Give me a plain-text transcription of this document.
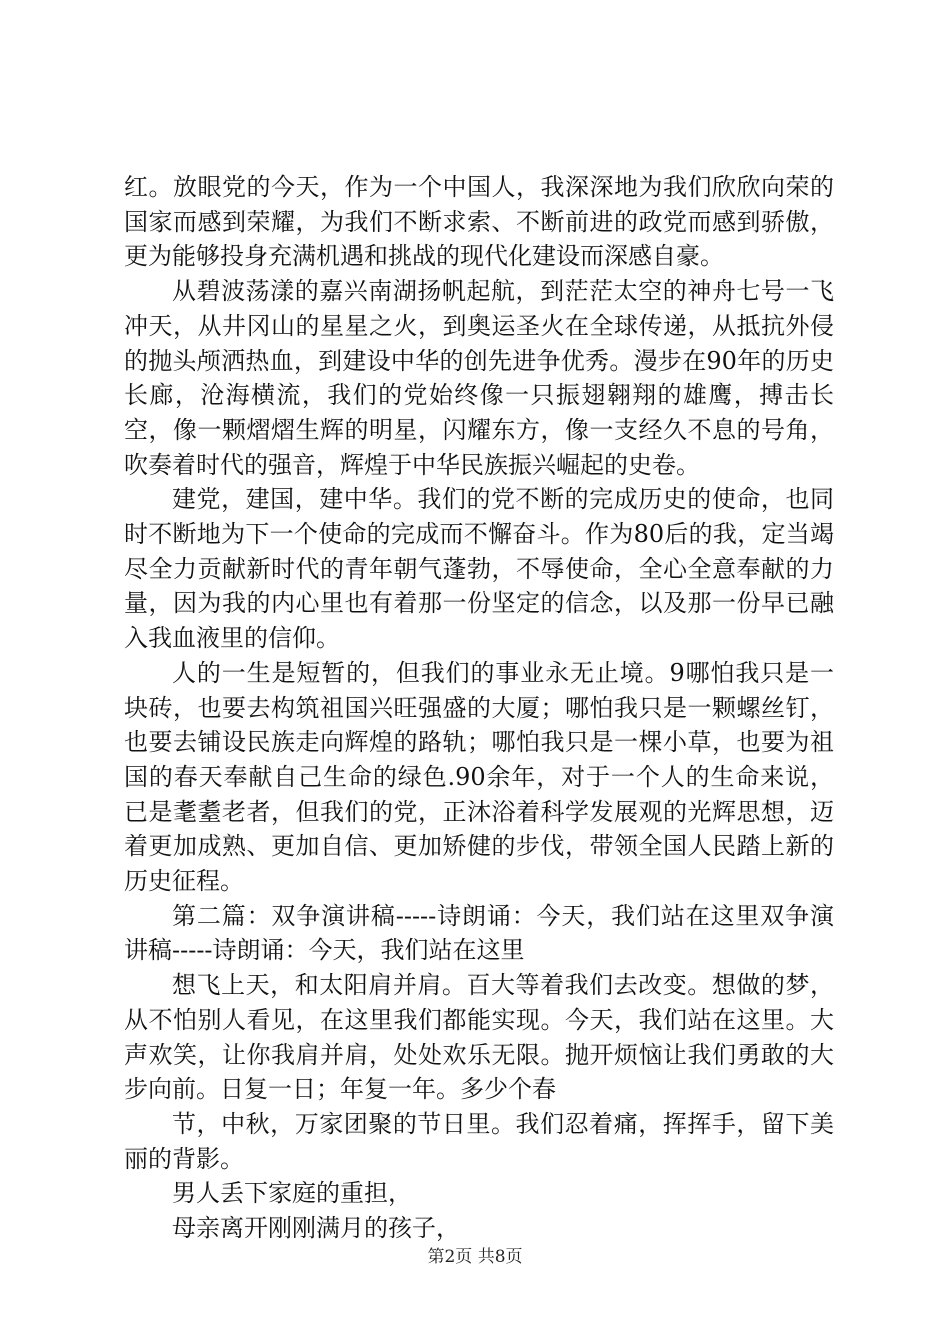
红。放眼党的今天，作为一个中国人，我深深地为我们欣欣向荣的国家而感到荣耀，为我们不断求索、不断前进的政党而感到骄傲，更为能够投身充满机遇和挑战的现代化建设而深感自豪。

从碧波荡漾的嘉兴南湖扬帆起航，到茫茫太空的神舟七号一飞冲天，从井冈山的星星之火，到奥运圣火在全球传递，从抵抗外侵的抛头颅洒热血，到建设中华的创先进争优秀。漫步在90年的历史长廊，沧海横流，我们的党始终像一只振翅翱翔的雄鹰，搏击长空，像一颗熠熠生辉的明星，闪耀东方，像一支经久不息的号角，吹奏着时代的强音，辉煌于中华民族振兴崛起的史卷。

建党，建国，建中华。我们的党不断的完成历史的使命，也同时不断地为下一个使命的完成而不懈奋斗。作为80后的我，定当竭尽全力贡献新时代的青年朝气蓬勃，不辱使命，全心全意奉献的力量，因为我的内心里也有着那一份坚定的信念，以及那一份早已融入我血液里的信仰。

人的一生是短暂的，但我们的事业永无止境。9哪怕我只是一块砖，也要去构筑祖国兴旺强盛的大厦；哪怕我只是一颗螺丝钉，也要去铺设民族走向辉煌的路轨；哪怕我只是一棵小草，也要为祖国的春天奉献自己生命的绿色.90余年，对于一个人的生命来说，已是耄耋老者，但我们的党，正沐浴着科学发展观的光辉思想，迈着更加成熟、更加自信、更加矫健的步伐，带领全国人民踏上新的历史征程。

第二篇：双争演讲稿-----诗朗诵：今天，我们站在这里双争演讲稿-----诗朗诵：今天，我们站在这里

想飞上天，和太阳肩并肩。百大等着我们去改变。想做的梦，从不怕别人看见，在这里我们都能实现。今天，我们站在这里。大声欢笑，让你我肩并肩，处处欢乐无限。抛开烦恼让我们勇敢的大步向前。日复一日；年复一年。多少个春

节，中秋，万家团聚的节日里。我们忍着痛，挥挥手，留下美丽的背影。

男人丢下家庭的重担，

母亲离开刚刚满月的孩子，

第2页 共8页
